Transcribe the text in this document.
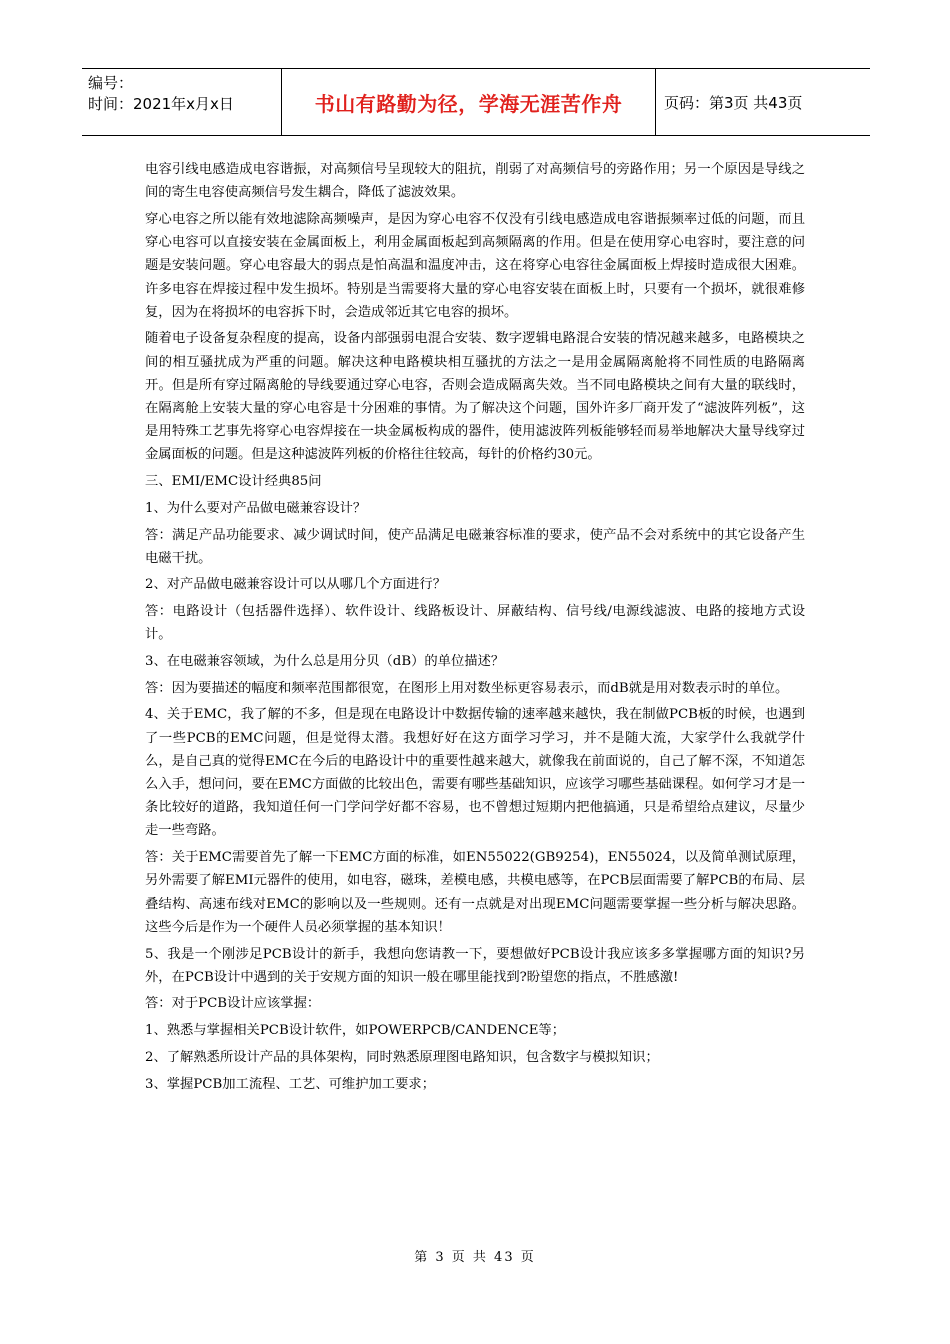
编号：
时间：2021年x月x日	书山有路勤为径，学海无涯苦作舟	页码：第3页 共43页

电容引线电感造成电容谐振，对高频信号呈现较大的阻抗，削弱了对高频信号的旁路作用；另一个原因是导线之间的寄生电容使高频信号发生耦合，降低了滤波效果。

穿心电容之所以能有效地滤除高频噪声，是因为穿心电容不仅没有引线电感造成电容谐振频率过低的问题，而且穿心电容可以直接安装在金属面板上，利用金属面板起到高频隔离的作用。但是在使用穿心电容时，要注意的问题是安装问题。穿心电容最大的弱点是怕高温和温度冲击，这在将穿心电容往金属面板上焊接时造成很大困难。许多电容在焊接过程中发生损坏。特别是当需要将大量的穿心电容安装在面板上时，只要有一个损坏，就很难修复，因为在将损坏的电容拆下时，会造成邻近其它电容的损坏。

随着电子设备复杂程度的提高，设备内部强弱电混合安装、数字逻辑电路混合安装的情况越来越多，电路模块之间的相互骚扰成为严重的问题。解决这种电路模块相互骚扰的方法之一是用金属隔离舱将不同性质的电路隔离开。但是所有穿过隔离舱的导线要通过穿心电容，否则会造成隔离失效。当不同电路模块之间有大量的联线时，在隔离舱上安装大量的穿心电容是十分困难的事情。为了解决这个问题，国外许多厂商开发了“滤波阵列板”，这是用特殊工艺事先将穿心电容焊接在一块金属板构成的器件，使用滤波阵列板能够轻而易举地解决大量导线穿过金属面板的问题。但是这种滤波阵列板的价格往往较高，每针的价格约30元。

三、EMI/EMC设计经典85问

1、为什么要对产品做电磁兼容设计？

答：满足产品功能要求、减少调试时间，使产品满足电磁兼容标准的要求，使产品不会对系统中的其它设备产生电磁干扰。

2、对产品做电磁兼容设计可以从哪几个方面进行？

答：电路设计（包括器件选择）、软件设计、线路板设计、屏蔽结构、信号线/电源线滤波、电路的接地方式设计。

3、在电磁兼容领域，为什么总是用分贝（dB）的单位描述？

答：因为要描述的幅度和频率范围都很宽，在图形上用对数坐标更容易表示，而dB就是用对数表示时的单位。

4、关于EMC，我了解的不多，但是现在电路设计中数据传输的速率越来越快，我在制做PCB板的时候，也遇到了一些PCB的EMC问题，但是觉得太潜。我想好好在这方面学习学习，并不是随大流，大家学什么我就学什么，是自己真的觉得EMC在今后的电路设计中的重要性越来越大，就像我在前面说的，自己了解不深，不知道怎么入手，想问问，要在EMC方面做的比较出色，需要有哪些基础知识，应该学习哪些基础课程。如何学习才是一条比较好的道路，我知道任何一门学问学好都不容易，也不曾想过短期内把他搞通，只是希望给点建议，尽量少走一些弯路。

答：关于EMC需要首先了解一下EMC方面的标准，如EN55022(GB9254)，EN55024，以及简单测试原理，另外需要了解EMI元器件的使用，如电容，磁珠，差模电感，共模电感等，在PCB层面需要了解PCB的布局、层叠结构、高速布线对EMC的影响以及一些规则。还有一点就是对出现EMC问题需要掌握一些分析与解决思路。这些今后是作为一个硬件人员必须掌握的基本知识！

5、我是一个刚涉足PCB设计的新手，我想向您请教一下，要想做好PCB设计我应该多多掌握哪方面的知识?另外，在PCB设计中遇到的关于安规方面的知识一般在哪里能找到?盼望您的指点，不胜感激!

答：对于PCB设计应该掌握：

1、熟悉与掌握相关PCB设计软件，如POWERPCB/CANDENCE等；

2、了解熟悉所设计产品的具体架构，同时熟悉原理图电路知识，包含数字与模拟知识；

3、掌握PCB加工流程、工艺、可维护加工要求；

第 3 页 共 43 页
